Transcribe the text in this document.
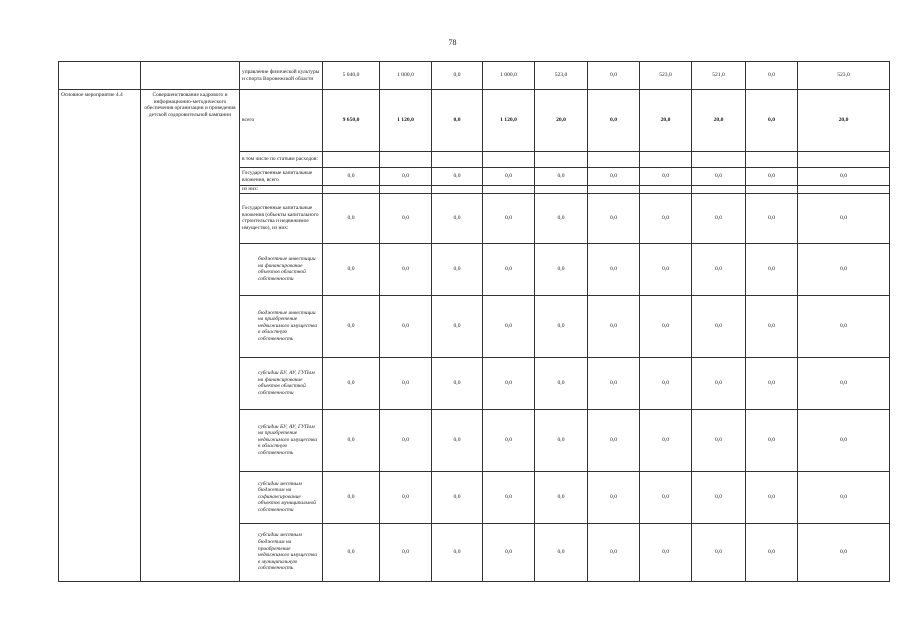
78
		управление физической культуры и спорта Воронежской области	5 040,0	1 000,0	0,0	1 000,0	523,0	0,0	523,0	521,0	0,0	523,0
Основное мероприятие 4.4	Совершенствование кадрового и информационно-методического обеспечения организации и проведения детской оздоровительной кампании	всего	9 650,0	1 120,0	0,0	1 120,0	20,0	0,0	20,0	20,0	0,0	20,0
		в том числе по статьям расходов:										
		Государственные капитальные вложения, всего	0,0	0,0	0,0	0,0	0,0	0,0	0,0	0,0	0,0	0,0
		из них:										
		Государственные капитальные вложения (объекты капитального строительства и недвижимое имущество), из них:	0,0	0,0	0,0	0,0	0,0	0,0	0,0	0,0	0,0	0,0
		бюджетные инвестиции на финансирование объектов областной собственности	0,0	0,0	0,0	0,0	0,0	0,0	0,0	0,0	0,0	0,0
		бюджетные инвестиции на приобретение недвижимого имущества в областную собственность	0,0	0,0	0,0	0,0	0,0	0,0	0,0	0,0	0,0	0,0
		субсидии БУ, АУ, ГУПам на финансирование объектов областной собственности	0,0	0,0	0,0	0,0	0,0	0,0	0,0	0,0	0,0	0,0
		субсидии БУ, АУ, ГУПам на приобретение недвижимого имущества в областную собственность	0,0	0,0	0,0	0,0	0,0	0,0	0,0	0,0	0,0	0,0
		субсидии местным бюджетам на софинансирование объектов муниципальной собственности	0,0	0,0	0,0	0,0	0,0	0,0	0,0	0,0	0,0	0,0
		субсидии местным бюджетам на приобретение недвижимого имущества в муниципальную собственность	0,0	0,0	0,0	0,0	0,0	0,0	0,0	0,0	0,0	0,0
